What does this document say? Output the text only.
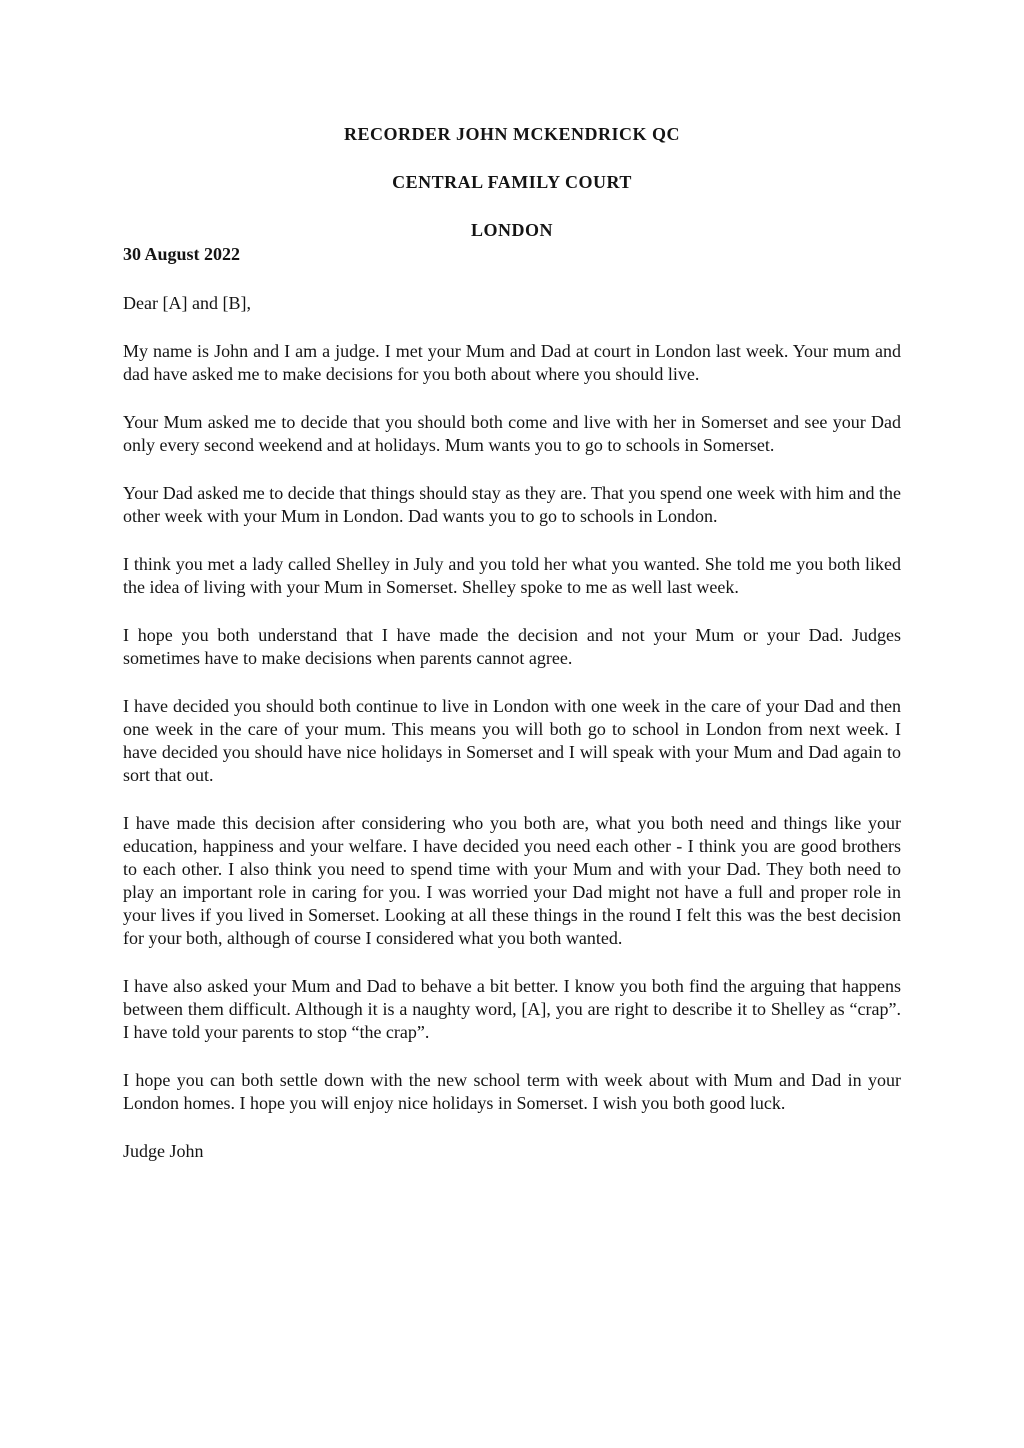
RECORDER JOHN MCKENDRICK QC
CENTRAL FAMILY COURT
LONDON

30 August 2022

Dear [A] and [B],

My name is John and I am a judge. I met your Mum and Dad at court in London last week. Your mum and dad have asked me to make decisions for you both about where you should live.

Your Mum asked me to decide that you should both come and live with her in Somerset and see your Dad only every second weekend and at holidays. Mum wants you to go to schools in Somerset.

Your Dad asked me to decide that things should stay as they are. That you spend one week with him and the other week with your Mum in London. Dad wants you to go to schools in London.

I think you met a lady called Shelley in July and you told her what you wanted. She told me you both liked the idea of living with your Mum in Somerset. Shelley spoke to me as well last week.

I hope you both understand that I have made the decision and not your Mum or your Dad. Judges sometimes have to make decisions when parents cannot agree.

I have decided you should both continue to live in London with one week in the care of your Dad and then one week in the care of your mum. This means you will both go to school in London from next week. I have decided you should have nice holidays in Somerset and I will speak with your Mum and Dad again to sort that out.

I have made this decision after considering who you both are, what you both need and things like your education, happiness and your welfare. I have decided you need each other - I think you are good brothers to each other. I also think you need to spend time with your Mum and with your Dad. They both need to play an important role in caring for you. I was worried your Dad might not have a full and proper role in your lives if you lived in Somerset. Looking at all these things in the round I felt this was the best decision for your both, although of course I considered what you both wanted.

I have also asked your Mum and Dad to behave a bit better. I know you both find the arguing that happens between them difficult. Although it is a naughty word, [A], you are right to describe it to Shelley as “crap”. I have told your parents to stop “the crap”.

I hope you can both settle down with the new school term with week about with Mum and Dad in your London homes. I hope you will enjoy nice holidays in Somerset. I wish you both good luck.

Judge John
